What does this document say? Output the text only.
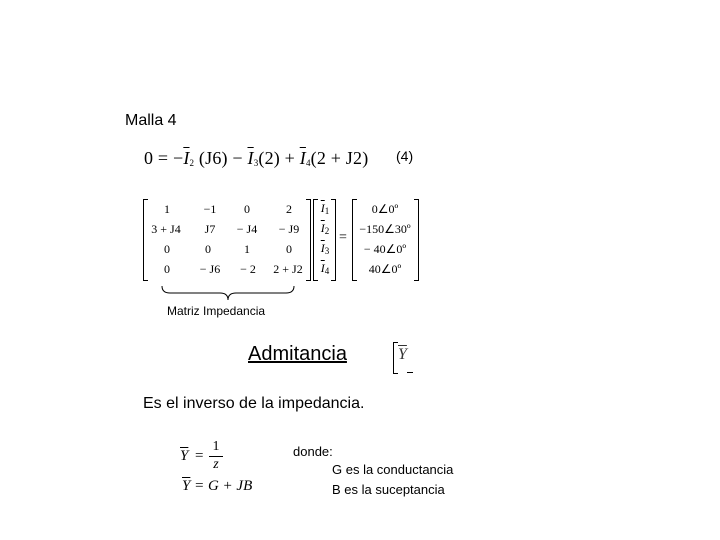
Malla 4
$0 = -\overline{I}_2$ $(J6) - \overline{I}_3(2) + \overline{I}_4(2 + J2)$ (4)
1	−1	0	2
3 + J4	J7	− J4	− J9
0	0	1	0
0	− J6	− 2	2 + J2
$\overline{I}_1$
$\overline{I}_2$
$\overline{I}_3$
$\overline{I}_4$
=
0∠0º
−150∠30º
− 40∠0º
40∠0º
Matriz Impedancia
Admitancia	$\overline{Y}$
Es el inverso de la impedancia.
$\overline{Y}$ =
1
z
$\overline{Y} = G$ + JB
donde:
G es la conductancia
B es la suceptancia
